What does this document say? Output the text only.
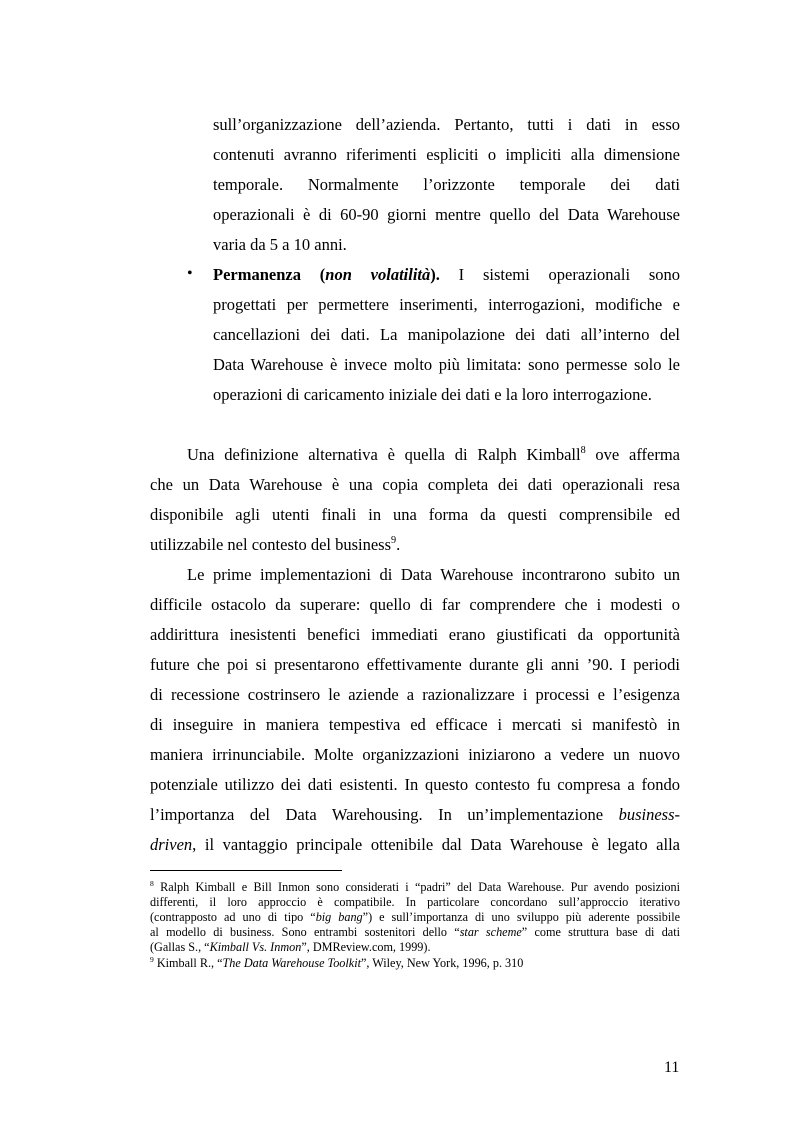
sull’organizzazione dell’azienda. Pertanto, tutti i dati in esso
contenuti avranno riferimenti espliciti o impliciti alla dimensione
temporale. Normalmente l’orizzonte temporale dei dati
operazionali è di 60-90 giorni mentre quello del Data Warehouse
varia da 5 a 10 anni.
• Permanenza (non volatilità). I sistemi operazionali sono
progettati per permettere inserimenti, interrogazioni, modifiche e
cancellazioni dei dati. La manipolazione dei dati all’interno del
Data Warehouse è invece molto più limitata: sono permesse solo le
operazioni di caricamento iniziale dei dati e la loro interrogazione.
Una definizione alternativa è quella di Ralph Kimball$^8$ ove afferma
che un Data Warehouse è una copia completa dei dati operazionali resa
disponibile agli utenti finali in una forma da questi comprensibile ed
utilizzabile nel contesto del business$^9$.
Le prime implementazioni di Data Warehouse incontrarono subito un
difficile ostacolo da superare: quello di far comprendere che i modesti o
addirittura inesistenti benefici immediati erano giustificati da opportunità
future che poi si presentarono effettivamente durante gli anni ’90. I periodi
di recessione costrinsero le aziende a razionalizzare i processi e l’esigenza
di inseguire in maniera tempestiva ed efficace i mercati si manifestò in
maniera irrinunciabile. Molte organizzazioni iniziarono a vedere un nuovo
potenziale utilizzo dei dati esistenti. In questo contesto fu compresa a fondo
l’importanza del Data Warehousing. In un’implementazione business-
driven, il vantaggio principale ottenibile dal Data Warehouse è legato alla
$^8$ Ralph Kimball e Bill Inmon sono considerati i “padri” del Data Warehouse. Pur avendo posizioni
differenti, il loro approccio è compatibile. In particolare concordano sull’approccio iterativo
(contrapposto ad uno di tipo “big bang”) e sull’importanza di uno sviluppo più aderente possibile
al modello di business. Sono entrambi sostenitori dello “star scheme” come struttura base di dati
(Gallas S., “Kimball Vs. Inmon”, DMReview.com, 1999).
$^9$ Kimball R., “The Data Warehouse Toolkit”, Wiley, New York, 1996, p. 310
11
